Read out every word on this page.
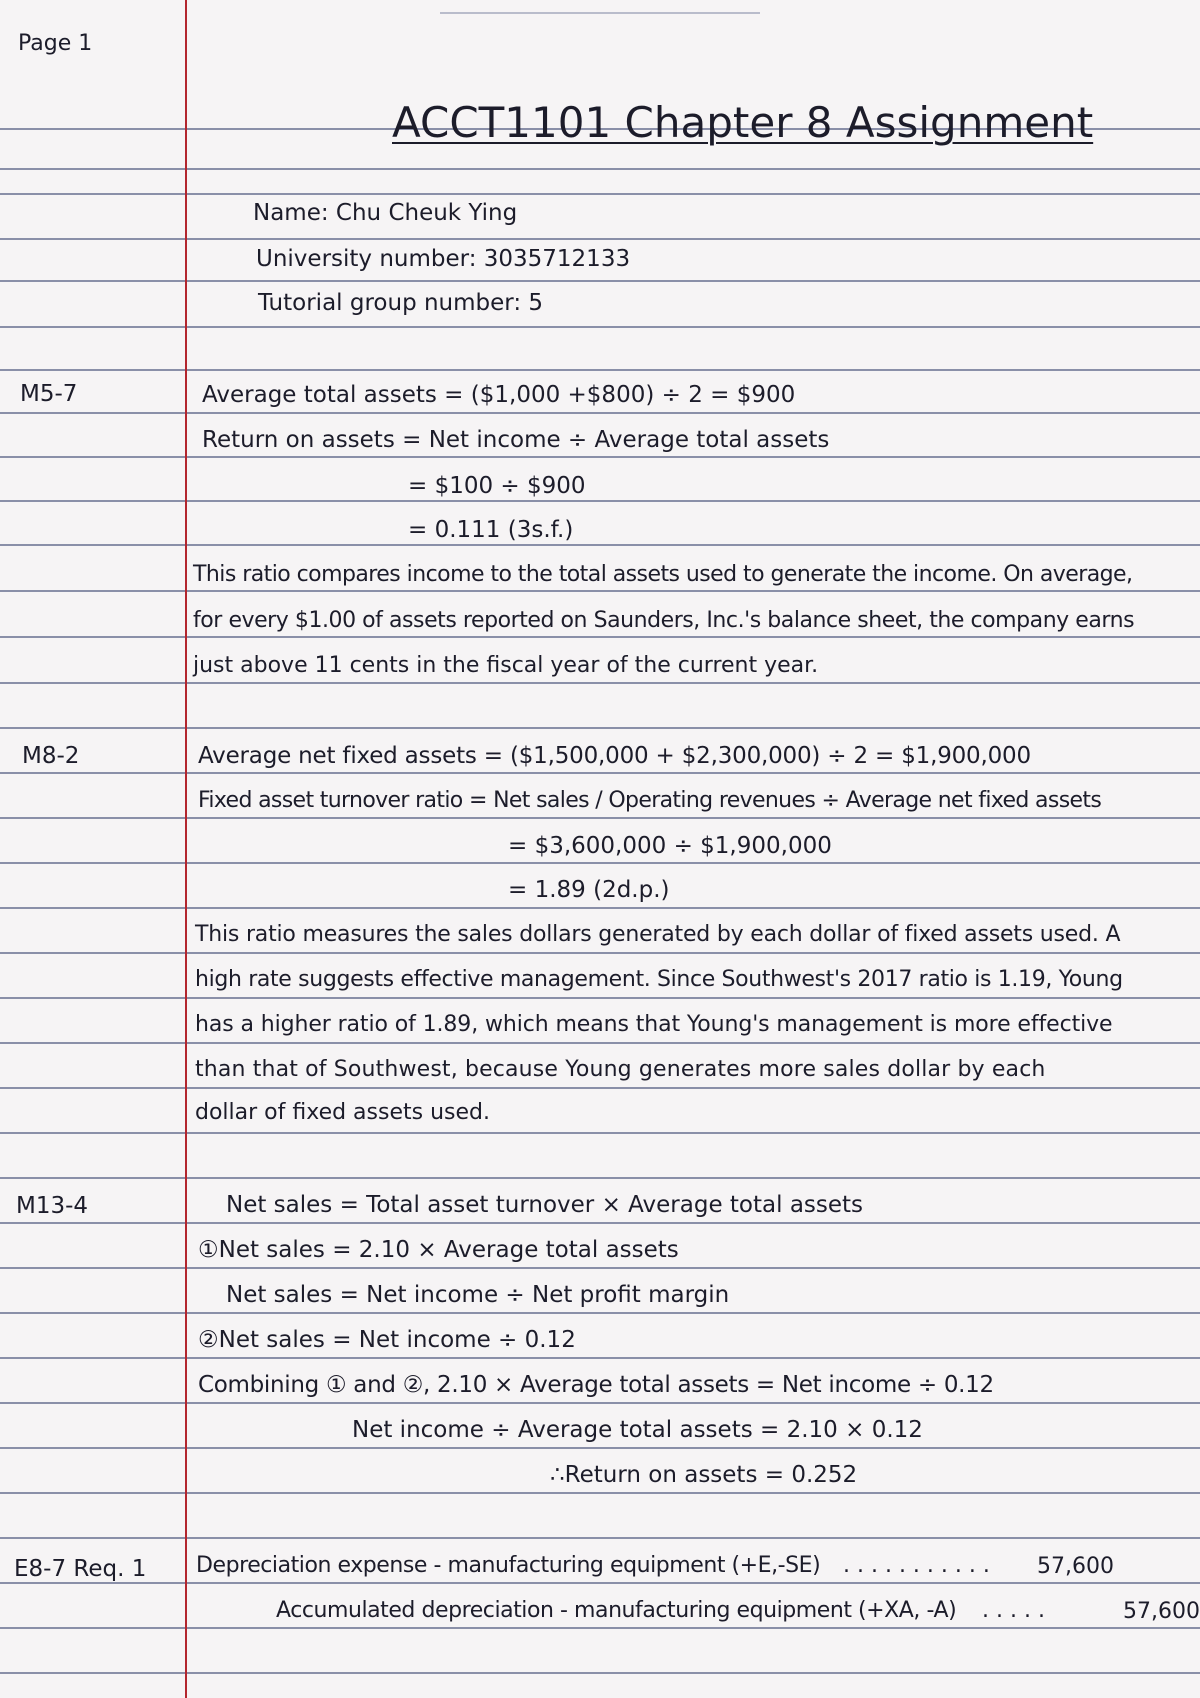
Page 1
ACCT1101 Chapter 8 Assignment
Name: Chu Cheuk Ying
University number: 3035712133
Tutorial group number: 5
M5-7	Average total assets = ($1,000 +$800) ÷ 2 = $900
Return on assets = Net income ÷ Average total assets
= $100 ÷ $900
= 0.111 (3s.f.)
This ratio compares income to the total assets used to generate the income. On average,
for every $1.00 of assets reported on Saunders, Inc.'s balance sheet, the company earns
just above 11 cents in the fiscal year of the current year.
M8-2	Average net fixed assets = ($1,500,000 + $2,300,000) ÷ 2 = $1,900,000
Fixed asset turnover ratio = Net sales / Operating revenues ÷ Average net fixed assets
= $3,600,000 ÷ $1,900,000
= 1.89 (2d.p.)
This ratio measures the sales dollars generated by each dollar of fixed assets used. A
high rate suggests effective management. Since Southwest's 2017 ratio is 1.19, Young
has a higher ratio of 1.89, which means that Young's management is more effective
than that of Southwest, because Young generates more sales dollar by each
dollar of fixed assets used.
M13-4	Net sales = Total asset turnover × Average total assets
①Net sales = 2.10 × Average total assets
Net sales = Net income ÷ Net profit margin
②Net sales = Net income ÷ 0.12
Combining ① and ②, 2.10 × Average total assets = Net income ÷ 0.12
Net income ÷ Average total assets = 2.10 × 0.12
∴Return on assets = 0.252
E8-7 Req. 1 Depreciation expense - manufacturing equipment (+E,-SE) . . . . . . . . . . . 57,600
Accumulated depreciation - manufacturing equipment (+XA, -A) . . . . .	57,600
